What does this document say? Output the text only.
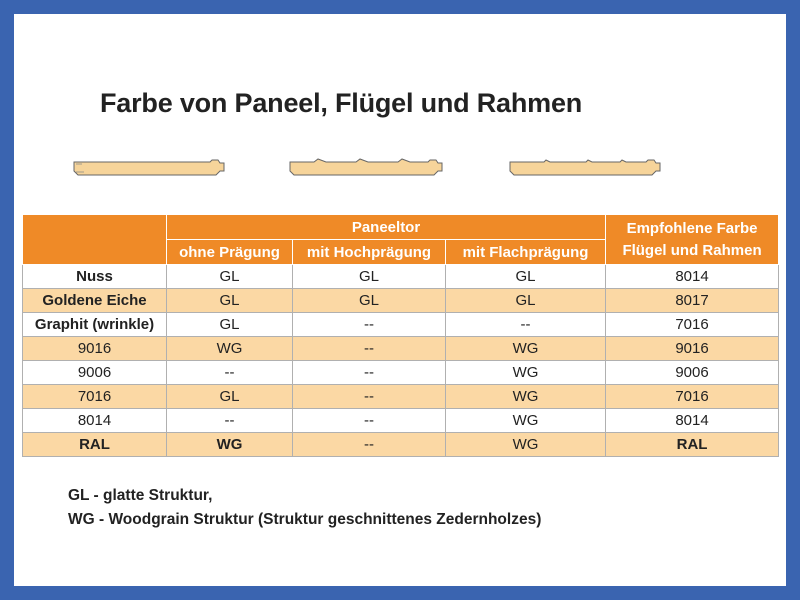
Farbe von Paneel, Flügel und Rahmen
	Paneeltor			Empfohlene Farbe
Flügel und Rahmen
	ohne Prägung	mit Hochprägung	mit Flachprägung	
Nuss	GL	GL	GL	8014
Goldene Eiche	GL	GL	GL	8017
Graphit (wrinkle)	GL	--	--	7016
9016	WG	--	WG	9016
9006	--	--	WG	9006
7016	GL	--	WG	7016
8014	--	--	WG	8014
RAL	WG	--	WG	RAL
GL - glatte Struktur,
WG - Woodgrain Struktur (Struktur geschnittenes Zedernholzes)
